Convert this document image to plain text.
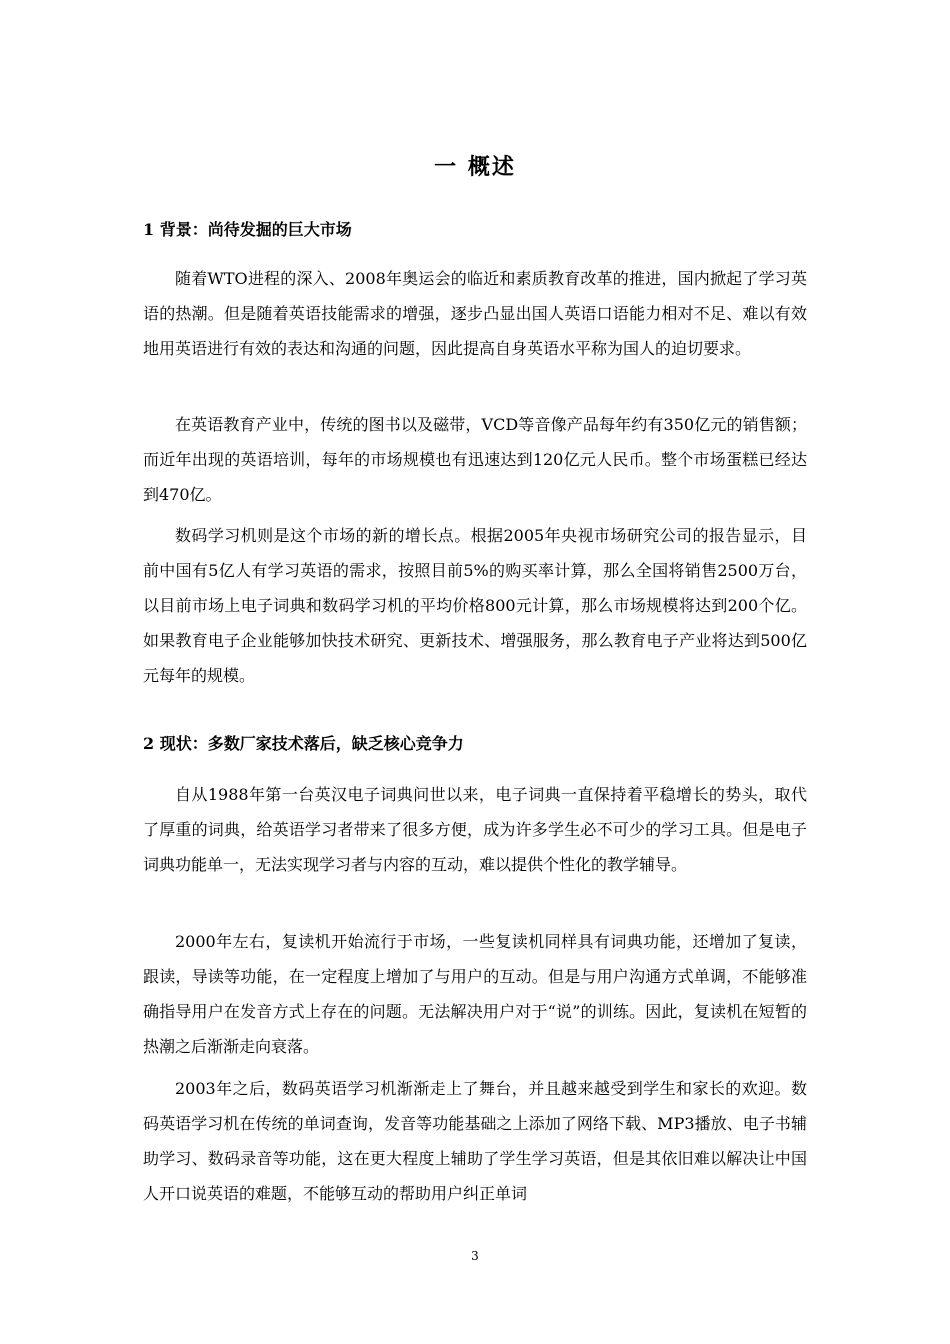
一 概述
1 背景：尚待发掘的巨大市场

随着WTO进程的深入、2008年奥运会的临近和素质教育改革的推进，国内掀起了学习英语的热潮。但是随着英语技能需求的增强，逐步凸显出国人英语口语能力相对不足、难以有效地用英语进行有效的表达和沟通的问题，因此提高自身英语水平称为国人的迫切要求。

在英语教育产业中，传统的图书以及磁带，VCD等音像产品每年约有350亿元的销售额；而近年出现的英语培训，每年的市场规模也有迅速达到120亿元人民币。整个市场蛋糕已经达到470亿。

数码学习机则是这个市场的新的增长点。根据2005年央视市场研究公司的报告显示，目前中国有5亿人有学习英语的需求，按照目前5%的购买率计算，那么全国将销售2500万台，以目前市场上电子词典和数码学习机的平均价格800元计算，那么市场规模将达到200个亿。如果教育电子企业能够加快技术研究、更新技术、增强服务，那么教育电子产业将达到500亿元每年的规模。

2 现状：多数厂家技术落后，缺乏核心竞争力

自从1988年第一台英汉电子词典问世以来，电子词典一直保持着平稳增长的势头，取代了厚重的词典，给英语学习者带来了很多方便，成为许多学生必不可少的学习工具。但是电子词典功能单一，无法实现学习者与内容的互动，难以提供个性化的教学辅导。

2000年左右，复读机开始流行于市场，一些复读机同样具有词典功能，还增加了复读，跟读，导读等功能，在一定程度上增加了与用户的互动。但是与用户沟通方式单调，不能够准确指导用户在发音方式上存在的问题。无法解决用户对于“说”的训练。因此，复读机在短暂的热潮之后渐渐走向衰落。

2003年之后，数码英语学习机渐渐走上了舞台，并且越来越受到学生和家长的欢迎。数码英语学习机在传统的单词查询，发音等功能基础之上添加了网络下载、MP3播放、电子书辅助学习、数码录音等功能，这在更大程度上辅助了学生学习英语，但是其依旧难以解决让中国人开口说英语的难题，不能够互动的帮助用户纠正单词

3
